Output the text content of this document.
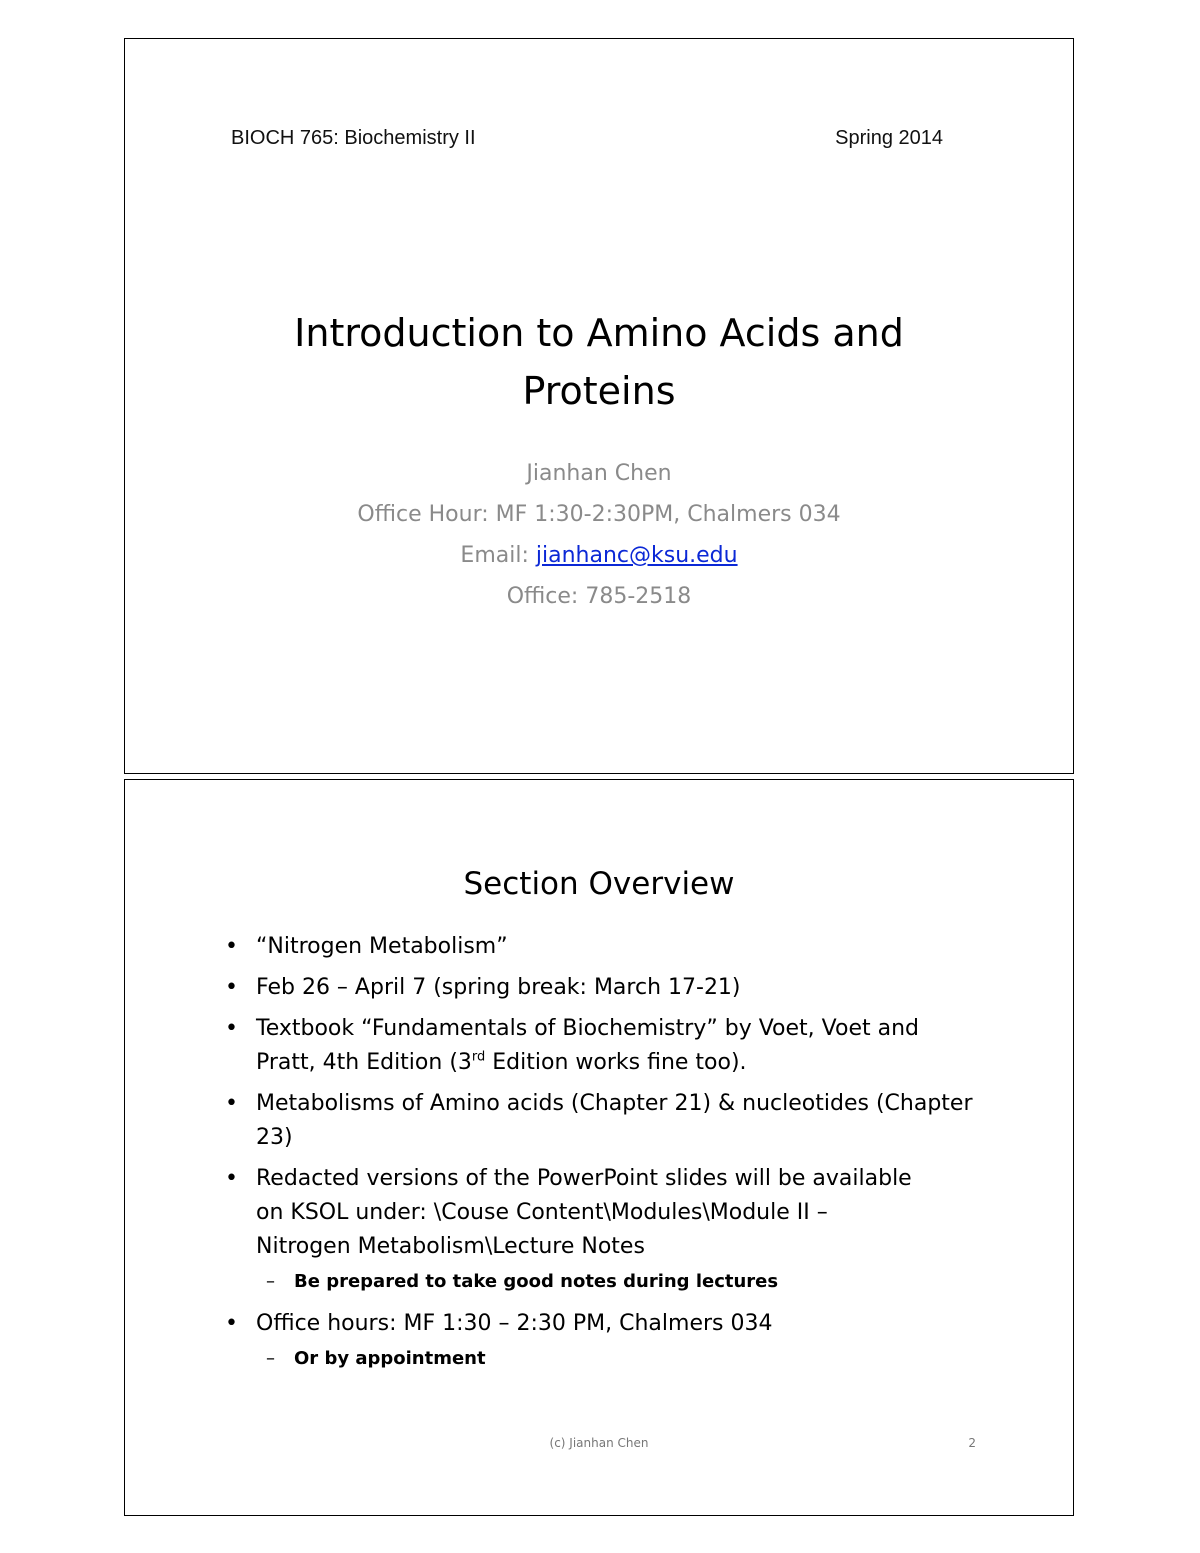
BIOCH 765: Biochemistry II	Spring 2014
Introduction to Amino Acids and
Proteins
Jianhan Chen
Office Hour: MF 1:30-2:30PM, Chalmers 034
Email: jianhanc@ksu.edu
Office: 785-2518
Section Overview
• “Nitrogen Metabolism”
• Feb 26 – April 7 (spring break: March 17-21)
• Textbook “Fundamentals of Biochemistry” by Voet, Voet and Pratt, 4th Edition (3rd Edition works fine too).
• Metabolisms of Amino acids (Chapter 21) & nucleotides (Chapter 23)
• Redacted versions of the PowerPoint slides will be available
on KSOL under: \Couse Content\Modules\Module II –
Nitrogen Metabolism\Lecture Notes
– Be prepared to take good notes during lectures
• Office hours: MF 1:30 – 2:30 PM, Chalmers 034
– Or by appointment
(c) Jianhan Chen	2
